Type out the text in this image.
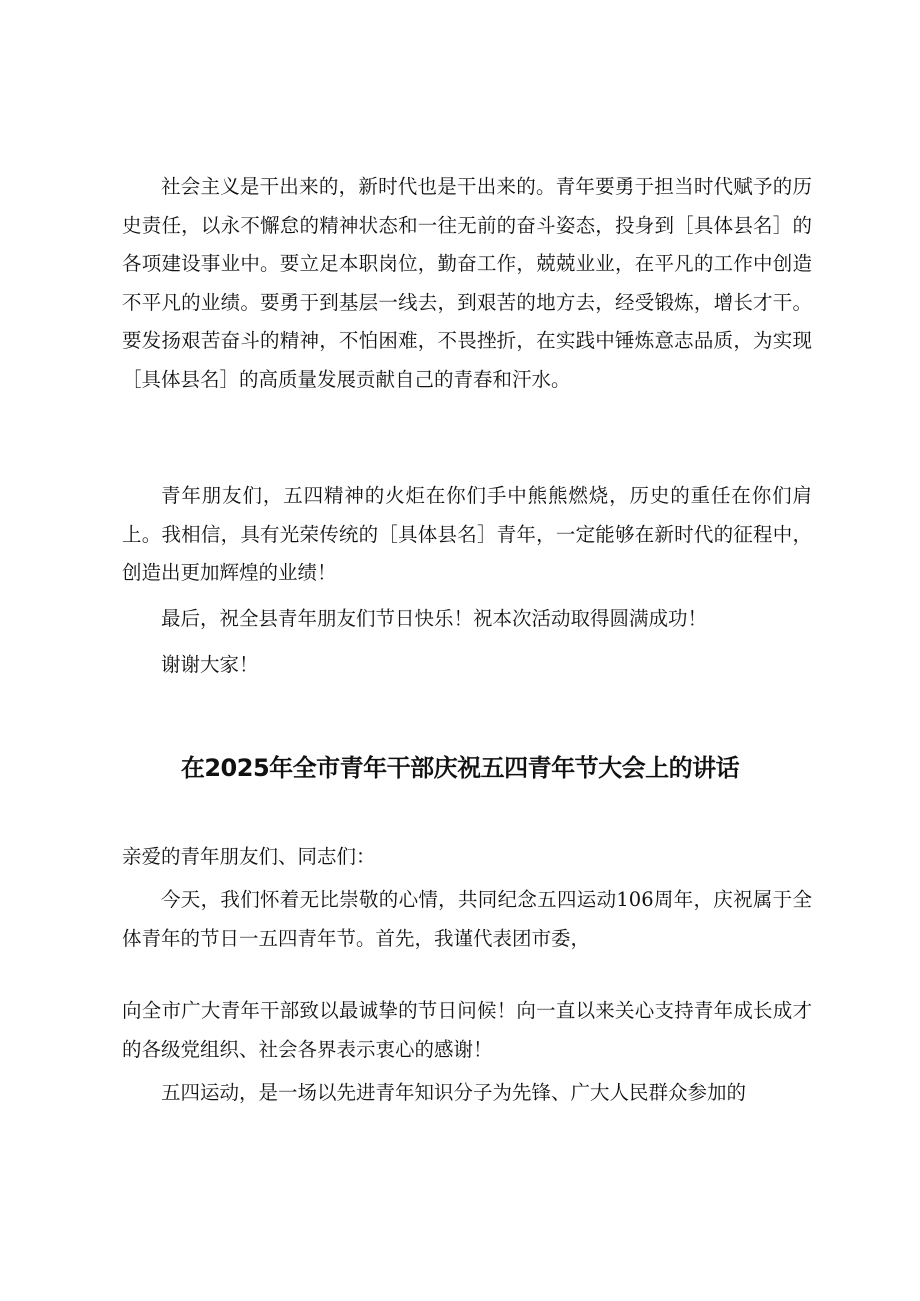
社会主义是干出来的，新时代也是干出来的。青年要勇于担当时代赋予的历史责任，以永不懈怠的精神状态和一往无前的奋斗姿态，投身到［具体县名］的各项建设事业中。要立足本职岗位，勤奋工作，兢兢业业，在平凡的工作中创造不平凡的业绩。要勇于到基层一线去，到艰苦的地方去，经受锻炼，增长才干。要发扬艰苦奋斗的精神，不怕困难，不畏挫折，在实践中锤炼意志品质，为实现［具体县名］的高质量发展贡献自己的青春和汗水。

青年朋友们，五四精神的火炬在你们手中熊熊燃烧，历史的重任在你们肩上。我相信，具有光荣传统的［具体县名］青年，一定能够在新时代的征程中，创造出更加辉煌的业绩！

最后，祝全县青年朋友们节日快乐！祝本次活动取得圆满成功！

谢谢大家！

在2025年全市青年干部庆祝五四青年节大会上的讲话

亲爱的青年朋友们、同志们：

今天，我们怀着无比崇敬的心情，共同纪念五四运动106周年，庆祝属于全体青年的节日一五四青年节。首先，我谨代表团市委，

向全市广大青年干部致以最诚挚的节日问候！向一直以来关心支持青年成长成才的各级党组织、社会各界表示衷心的感谢！

五四运动，是一场以先进青年知识分子为先锋、广大人民群众参加的
